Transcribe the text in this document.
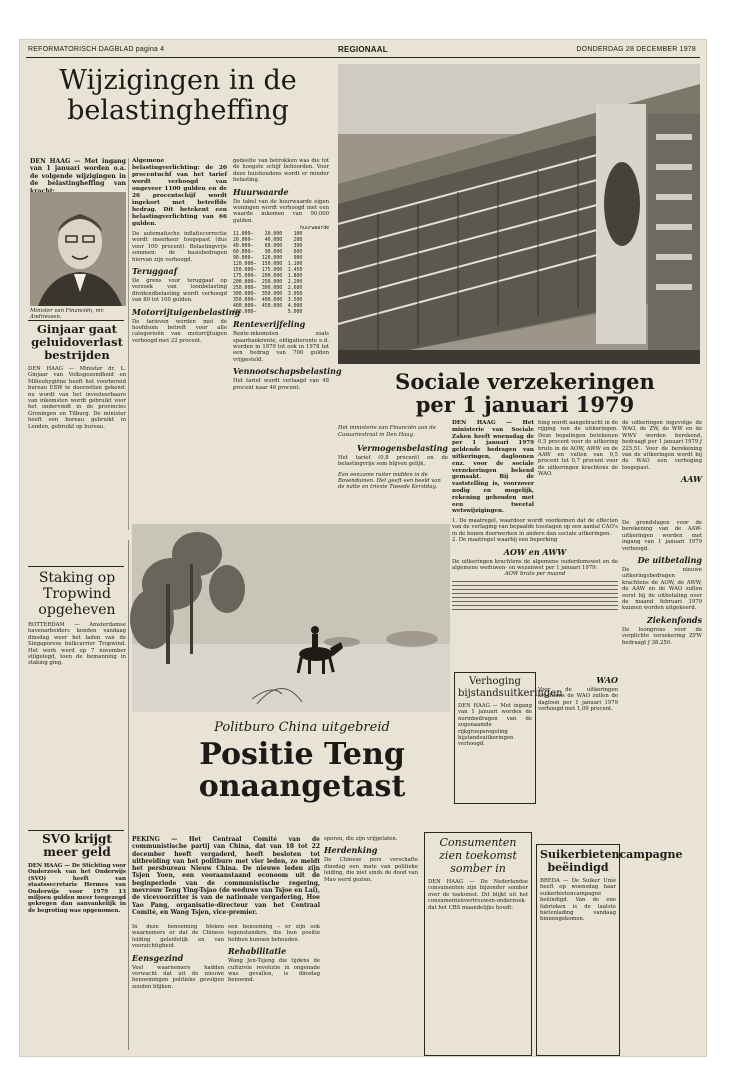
REFORMATORISCH DAGBLAD pagina 4	REGIONAAL	DONDERDAG 28 DECEMBER 1978

Wijzigingen in de

belastingheffing

DEN HAAG — Met ingang van 1 januari worden o.a. de volgende wijzigingen in de belastingheffing van

Minister van Financiën, mr. Andriessen.

Algemene belastingverlichting: de 20 procentuchf van het tarief wordt verhoogd van ongeveer 1100 gulden en de 26 procentschijf wordt ingekort met betreffde bedrag. Dit betekent een belastingverlichting van 66 gulden.

De automatische inflatiecorrectie wordt meerkeer toegepast (dus voor 100 procent). Belastingvrije sommen: de basisbedragen hiervan zijn verhoogd.

Teruggaaf

De grens voor teruggaaf op verzoek van loonbelasting dividendbelasting wordt verhoogd van 80 tot 100 gulden.

Motorrijtuigenbelasting

De tarieven worden met de hoofdsom betreft voor alle categorieën van motorrijtuigen verhoogd met 22 procent.

gedeelte van betrokken was die tot de hoogste schijf behoorden. Voor deze huishoudens wordt er minder belasting.

Huurwaarde

De tabel van de huurwaarde eigen woningen wordt verhoogd met een waarde inkomen van 90.000 gulden.

huurwaarde

11.000—    20.000    100

20.000—    40.000    200

40.000—    60.000    390

60.000—    90.000    600

90.000—   120.000    900

120.000—  150.000  1.100

150.000—  175.000  1.450

175.000—  200.000  1.800

200.000—  250.000  2.200

250.000—  300.000  2.600

300.000—  350.000  3.050

350.000—  400.000  3.500

400.000—  450.000  4.000

450.000—           5.000

Renteverijfeling

Rente-inkomsten zoals spaarbankrente, obligatierente e.d. worden in 1979 tot ook in 1978 tot een bedrag van 700 gulden vrijgesteld.

Vennootschapsbelasting

Het tarief wordt verlaagd van 48 procent naar 46 procent.	Sociale verzekeringen

per 1 januari 1979

Ginjaar gaat geluidoverlast bestrijden

DEN HAAG — Minister dr. L. Ginjaar van Volksgezondheid en Milieuhygiëne heeft het voorbereid bureau ESW te doorzetten gekend: nu wordt van het investeerbaare van inkomsten wordt gebruikt voor het ondervindt in de provincies Groningen en Tilburg. De minister heeft een bureau gebruikt in Londen, gebruikt op bureau.

Staking op Tropwind opgeheven

ROTTERDAM — Amsterdamse havenarbeiders konden vandaag dinsdag weer het laden van de Singaporese bulkcarrier Tropwind. Het werk werd op 7 november stilgelegd, toen de bemanning in staking ging.

SVO krijgt meer geld

DEN HAAG — De Stichting voor Onderzoek van het Onderwijs (SVO) heeft van staatssecretaris Hermes van Onderwijs voor 1979 13 miljoen gulden meer toegezegd gekregen dan aanvankelijk in de begroting was opgenomen.

Politburo China uitgebreid

Positie Teng

onaangetast

PEKING — Het Centraal Comité van de communistische partij van China, dat van 18 tot 22 december heeft vergaderd, heeft besloten tot uitbreiding van het politburo met vier leden, zo meldt het persbureau Nieuw China. De nieuwe leden zijn Tsjen Yoen, een vooraanstaand econoom uit de beginperiode van de communistische regering, mevrouw Teng Ying-Tsjao (de weduwe van Tsjoe en Lai), de vicevoorzitter is van de nationale vergadering, Hoe Yao Pang, organisatie-directeur van het Centraal Comité, en Wang Tsjen, vice-premier.

In deze benoeming bleken waarnemers er dat de Chinese leiding geleidelijk en van voorzichtigheid.

Eensgezind

Veel waarnemers hadden verwacht dat uit de nieuwe benoemingen politieke gevolgen zouden blijken.

een benoeming – er zijn ook tegenstanders, die hun positie hebben kunnen behouden.

Rehabilitatie

Wang Jen-Tsjeng die tijdens de culturele revolutie in ongenade was gevallen, is dinsdag benoemd.

sporen, die zijn vrijgelaten.

Herdenking

De Chinese pers verschafte dinsdag een mate van politieke leiding, die niet sinds de dood van Mao werd gezien.

DEN HAAG — Het ministerie van Sociale Zaken heeft woensdag de per 1 januari 1979 geldende bedragen van uitkeringen, dagloonen enz. voor de sociale verzekeringen bekend gemaakt. Bij de vaststelling is, voorzover nodig en mogelijk, rekening gehouden met een tweetal wetswijzigingen.

hing wordt aangebracht in de rijging van de uitkeringen. Deze bepalingen betekenen 0,5 procent voor de uitkering bruto in de AOW, AWW en de AAW en vallen van 0,5 procent tot 0,7 procent voor de uitkeringen krachtens de WAO.

de uitkeringen ingevolge de WAO, de ZW, de WW en de WWV worden berekend, bedraagt per 1 januari 1979 ƒ 225,51. Voor de berekening van de uitkeringen wordt bij de WAO een verhoging toegepast.

AAW

1. De maatregel, waardoor wordt voorkomen dat de effecten van de verlaging van bepaalde toeslagen op een aantal CAO's in de bonen doorwerken in andere dan sociale uitkeringen.

2. De maatregel waarbij een beperking

AOW en AWW

De uitkeringen krachtens de algemene ouderdomswet en de algemene weduwen- en wezenwet per 1 januari 1979:

AOW bruto per maand

De grondslagen voor de berekening van de AAW-uitkeringen worden met ingang van 1 januari 1979 verhoogd.

De uitbetaling

De nieuwe uitkeringsbedragen krachtens de AOW, de AWW, de AAW en de WAO zullen eerst bij de uitbetaling over de maand februari 1979 kunnen worden uitgekeerd.

Ziekenfonds

De loongrens voor de verplichte verzekering ZFW bedraagt ƒ 38.250.

Verhoging bijstandsuitkeringen

DEN HAAG — Met ingang van 1 januari worden de normbedragen van de zogenaamde rijkgroepsregeling bijstandsuitkeringen verhoogd.

WAO

Voor de uitkeringen krachtens de WAO zullen de dagloon per 1 januari 1979 verhoogd met 1,09 procent.

Consumenten zien toekomst somber in

DEN HAAG — De Nederlandse consumenten zijn bijzonder somber over de toekomst. Dit blijkt uit het consumentenvertrouwen-onderzoek dat het CBS maandelijks houdt.

Suikerbietencampagne beëindigd

BREDA — De Suiker Unie heeft op woensdag haar suikerbietencampagne beëindigd. Van de ene fabrieken is de laatste bietenlading vandaag binnengekomen.

Het ministerie van Financiën aan de Casuariestraat in Den Haag.

Vermogensbelasting

Het tarief (0,8 procent) en de belastingvrije som blijven gelijk.

Een eenzame ruiter midden in de Bovenduinen. Het geeft een beeld van de natte en trieste Tweede Kerstdag.
